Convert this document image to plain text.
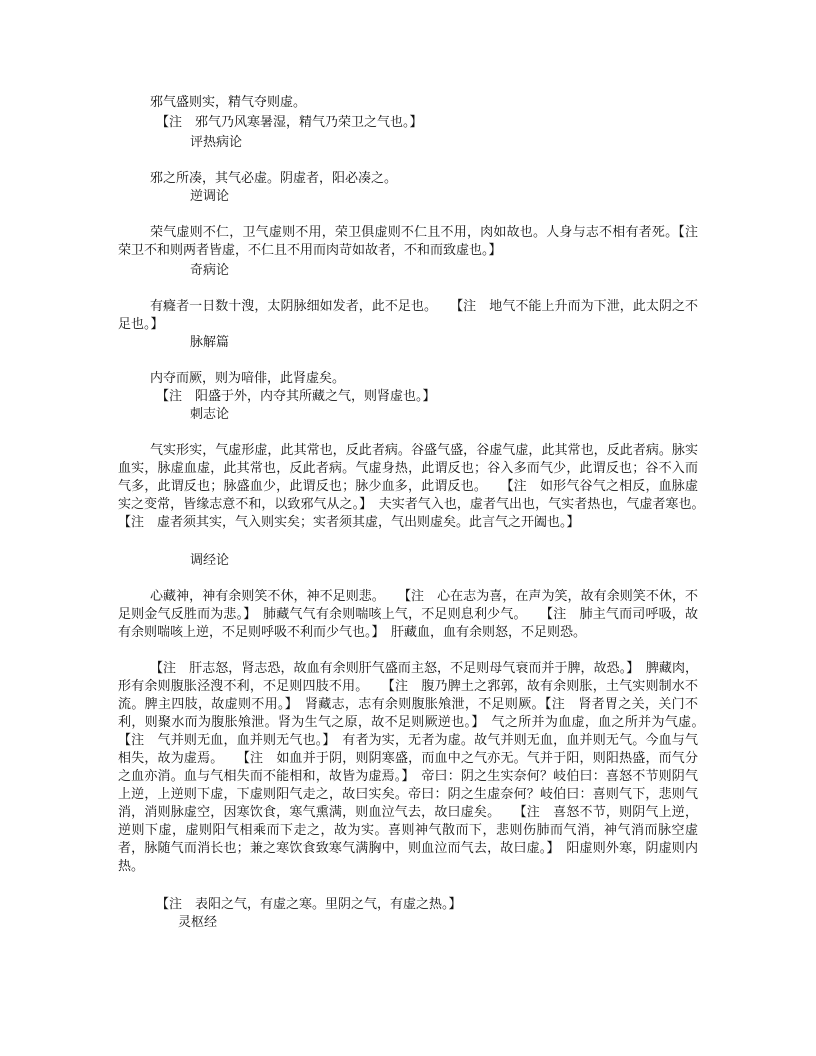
邪气盛则实，精气夺则虚。
【注　邪气乃风寒暑湿，精气乃荣卫之气也。】
评热病论
邪之所凑，其气必虚。阴虚者，阳必凑之。
逆调论

荣气虚则不仁，卫气虚则不用，荣卫俱虚则不仁且不用，肉如故也。人身与志不相有者死。【注　荣卫不和则两者皆虚，不仁且不用而肉苛如故者，不和而致虚也。】

奇病论

有癃者一日数十溲，太阴脉细如发者，此不足也。　　【注　地气不能上升而为下泄，此太阴之不足也。】

脉解篇
内夺而厥，则为喑俳，此肾虚矣。
【注　阳盛于外，内夺其所藏之气，则肾虚也。】
刺志论

气实形实，气虚形虚，此其常也，反此者病。谷盛气盛，谷虚气虚，此其常也，反此者病。脉实血实，脉虚血虚，此其常也，反此者病。气虚身热，此谓反也；谷入多而气少，此谓反也；谷不入而气多，此谓反也；脉盛血少，此谓反也；脉少血多，此谓反也。　　【注　如形气谷气之相反，血脉虚实之变常，皆缘志意不和，以致邪气从之。】　夫实者气入也，虚者气出也，气实者热也，气虚者寒也。　　【注　虚者须其实，气入则实矣；实者须其虚，气出则虚矣。此言气之开阖也。】

调经论

心藏神，神有余则笑不休，神不足则悲。　　【注　心在志为喜，在声为笑，故有余则笑不休，不足则金气反胜而为悲。】　肺藏气气有余则喘咳上气，不足则息利少气。　　【注　肺主气而司呼吸，故有余则喘咳上逆，不足则呼吸不利而少气也。】　肝藏血，血有余则怒，不足则恐。

【注　肝志怒，肾志恐，故血有余则肝气盛而主怒，不足则母气衰而并于脾，故恐。】　脾藏肉，形有余则腹胀泾溲不利，不足则四肢不用。　　【注　腹乃脾土之郛郭，故有余则胀，土气实则制水不流。脾主四肢，故虚则不用。】　肾藏志，志有余则腹胀飧泄，不足则厥。【注　肾者胃之关，关门不利，则聚水而为腹胀飧泄。肾为生气之原，故不足则厥逆也。】　气之所并为血虚，血之所并为气虚。　　【注　气并则无血，血并则无气也。】　有者为实，无者为虚。故气并则无血，血并则无气。今血与气相失，故为虚焉。　　【注　如血并于阴，则阴寒盛，而血中之气亦无。气并于阳，则阳热盛，而气分之血亦消。血与气相失而不能相和，故皆为虚焉。】　帝曰：阴之生实奈何？岐伯曰：喜怒不节则阴气上逆，上逆则下虚，下虚则阳气走之，故曰实矣。帝曰：阴之生虚奈何？岐伯曰：喜则气下，悲则气消，消则脉虚空，因寒饮食，寒气熏满，则血泣气去，故曰虚矣。　　【注　喜怒不节，则阴气上逆，逆则下虚，虚则阳气相乘而下走之，故为实。喜则神气散而下，悲则伤肺而气消，神气消而脉空虚者，脉随气而消长也；兼之寒饮食致寒气满胸中，则血泣而气去，故曰虚。】　阳虚则外寒，阴虚则内热。

【注　表阳之气，有虚之寒。里阴之气，有虚之热。】
灵枢经
